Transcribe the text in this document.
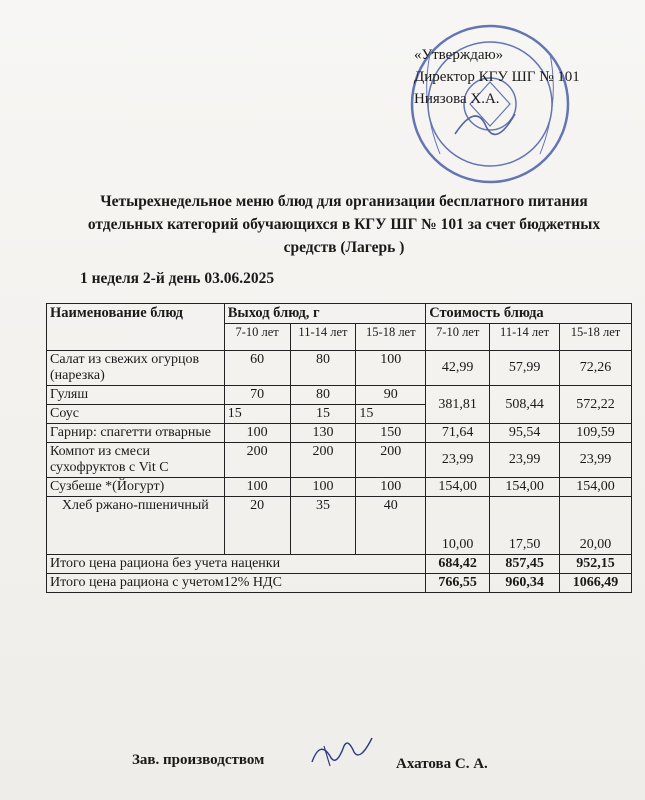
«Утверждаю»
Директор КГУ ШГ № 101
Ниязова Х.А.
Четырехнедельное меню блюд для организации бесплатного питания отдельных категорий обучающихся в КГУ ШГ № 101 за счет бюджетных средств (Лагерь )
1 неделя 2-й день 03.06.2025
Наименование блюд	Выход блюд, г			Стоимость блюда		
	7-10 лет	11-14 лет	15-18 лет	7-10 лет	11-14 лет	15-18 лет
Салат из свежих огурцов (нарезка)	60	80	100	42,99	57,99	72,26
Гуляш	70	80	90	381,81	508,44	572,22
Соус	15	15	15			
Гарнир: спагетти отварные	100	130	150	71,64	95,54	109,59
Компот из смеси сухофруктов с Vit C	200	200	200	23,99	23,99	23,99
Сузбеше *(Йогурт)	100	100	100	154,00	154,00	154,00
Хлеб ржано-пшеничный	20	35	40	10,00	17,50	20,00
Итого цена рациона без учета наценки				684,42	857,45	952,15
Итого цена рациона с учетом12% НДС				766,55	960,34	1066,49
Зав. производством	Ахатова С. А.
